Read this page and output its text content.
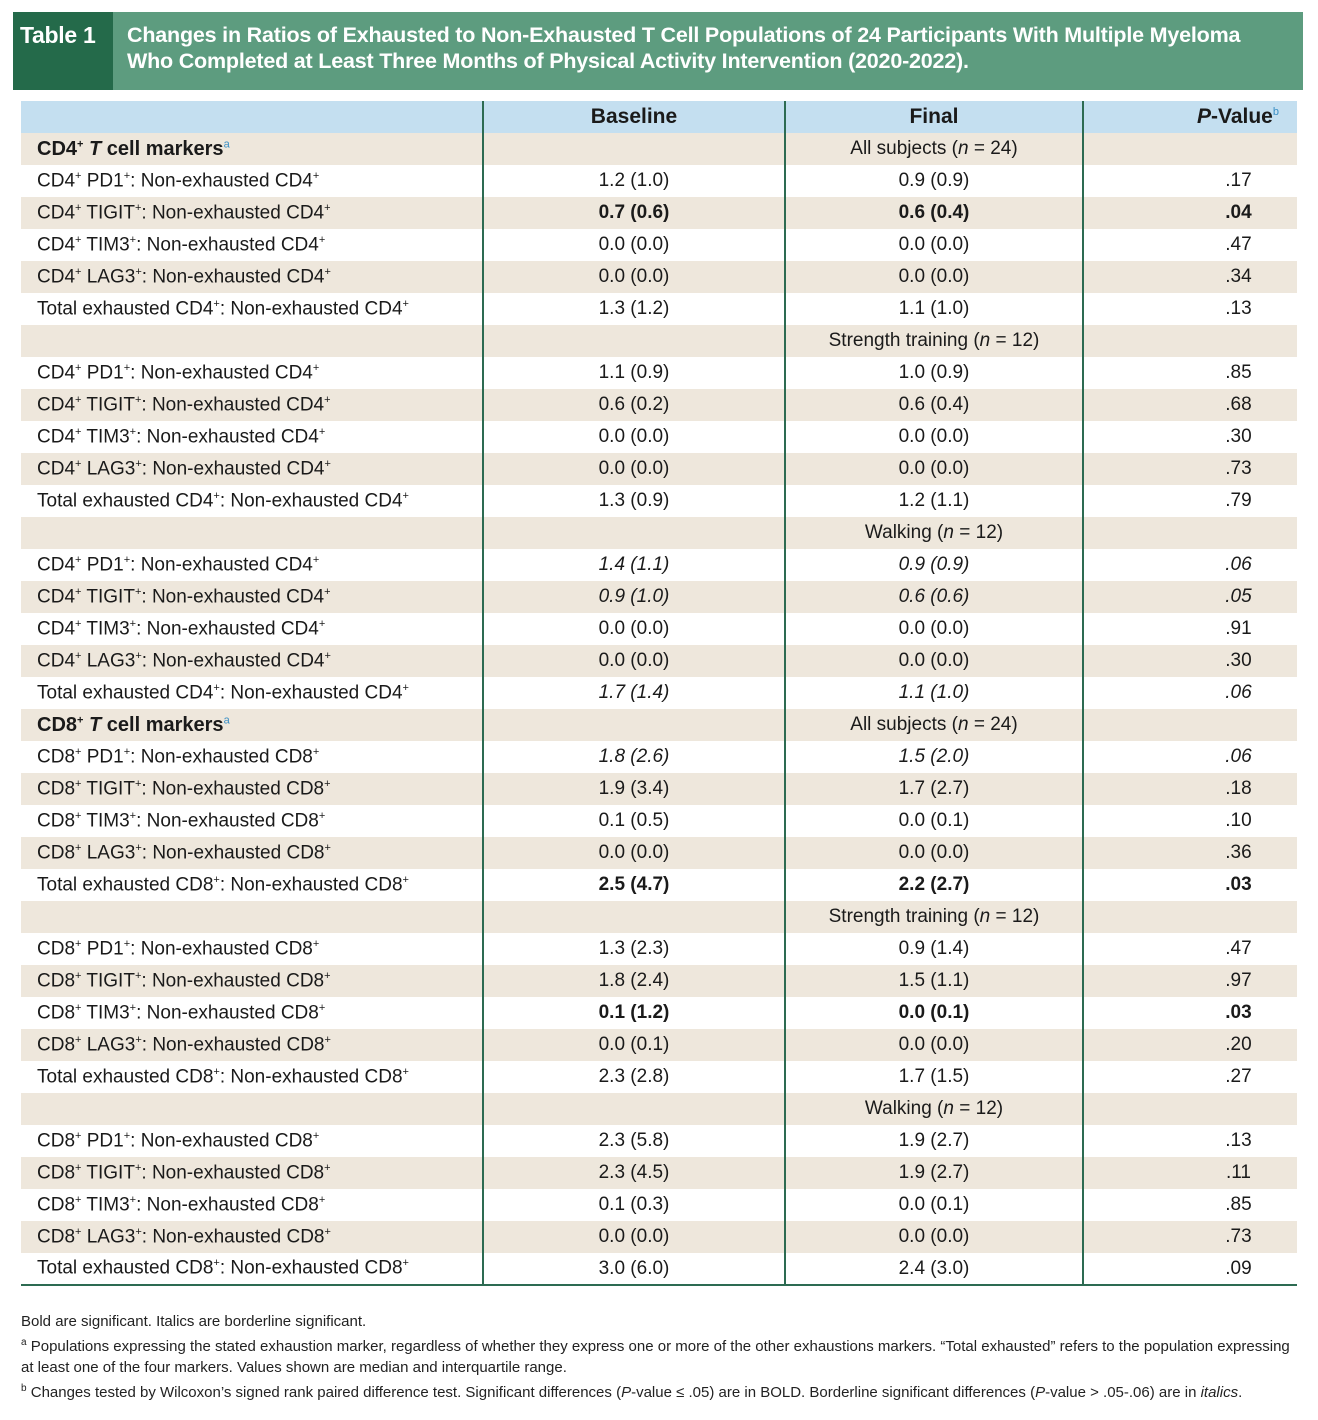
Table 1	Changes in Ratios of Exhausted to Non-Exhausted T Cell Populations of 24 Participants With Multiple Myeloma Who Completed at Least Three Months of Physical Activity Intervention (2020-2022).
	Baseline	Final	P-Value$^b$
CD4+ T cell markers$^a$		All subjects (n = 24)	
CD4+ PD1+: Non-exhausted CD4+	1.2 (1.0)	0.9 (0.9)	.17
CD4+ TIGIT+: Non-exhausted CD4+	0.7 (0.6)	0.6 (0.4)	.04
CD4+ TIM3+: Non-exhausted CD4+	0.0 (0.0)	0.0 (0.0)	.47
CD4+ LAG3+: Non-exhausted CD4+	0.0 (0.0)	0.0 (0.0)	.34
Total exhausted CD4+: Non-exhausted CD4+	1.3 (1.2)	1.1 (1.0)	.13
		Strength training (n = 12)	
CD4+ PD1+: Non-exhausted CD4+	1.1 (0.9)	1.0 (0.9)	.85
CD4+ TIGIT+: Non-exhausted CD4+	0.6 (0.2)	0.6 (0.4)	.68
CD4+ TIM3+: Non-exhausted CD4+	0.0 (0.0)	0.0 (0.0)	.30
CD4+ LAG3+: Non-exhausted CD4+	0.0 (0.0)	0.0 (0.0)	.73
Total exhausted CD4+: Non-exhausted CD4+	1.3 (0.9)	1.2 (1.1)	.79
		Walking (n = 12)	
CD4+ PD1+: Non-exhausted CD4+	1.4 (1.1)	0.9 (0.9)	.06
CD4+ TIGIT+: Non-exhausted CD4+	0.9 (1.0)	0.6 (0.6)	.05
CD4+ TIM3+: Non-exhausted CD4+	0.0 (0.0)	0.0 (0.0)	.91
CD4+ LAG3+: Non-exhausted CD4+	0.0 (0.0)	0.0 (0.0)	.30
Total exhausted CD4+: Non-exhausted CD4+	1.7 (1.4)	1.1 (1.0)	.06
CD8+ T cell markers$^a$		All subjects (n = 24)	
CD8+ PD1+: Non-exhausted CD8+	1.8 (2.6)	1.5 (2.0)	.06
CD8+ TIGIT+: Non-exhausted CD8+	1.9 (3.4)	1.7 (2.7)	.18
CD8+ TIM3+: Non-exhausted CD8+	0.1 (0.5)	0.0 (0.1)	.10
CD8+ LAG3+: Non-exhausted CD8+	0.0 (0.0)	0.0 (0.0)	.36
Total exhausted CD8+: Non-exhausted CD8+	2.5 (4.7)	2.2 (2.7)	.03
		Strength training (n = 12)	
CD8+ PD1+: Non-exhausted CD8+	1.3 (2.3)	0.9 (1.4)	.47
CD8+ TIGIT+: Non-exhausted CD8+	1.8 (2.4)	1.5 (1.1)	.97
CD8+ TIM3+: Non-exhausted CD8+	0.1 (1.2)	0.0 (0.1)	.03
CD8+ LAG3+: Non-exhausted CD8+	0.0 (0.1)	0.0 (0.0)	.20
Total exhausted CD8+: Non-exhausted CD8+	2.3 (2.8)	1.7 (1.5)	.27
		Walking (n = 12)	
CD8+ PD1+: Non-exhausted CD8+	2.3 (5.8)	1.9 (2.7)	.13
CD8+ TIGIT+: Non-exhausted CD8+	2.3 (4.5)	1.9 (2.7)	.11
CD8+ TIM3+: Non-exhausted CD8+	0.1 (0.3)	0.0 (0.1)	.85
CD8+ LAG3+: Non-exhausted CD8+	0.0 (0.0)	0.0 (0.0)	.73
Total exhausted CD8+: Non-exhausted CD8+	3.0 (6.0)	2.4 (3.0)	.09

Bold are significant. Italics are borderline significant.

$^a$ Populations expressing the stated exhaustion marker, regardless of whether they express one or more of the other exhaustions markers. “Total exhausted” refers to the population expressing at least one of the four markers. Values shown are median and interquartile range.

$^b$ Changes tested by Wilcoxon’s signed rank paired difference test. Significant differences (P-value ≤ .05) are in BOLD. Borderline significant differences (P-value > .05-.06) are in italics.
